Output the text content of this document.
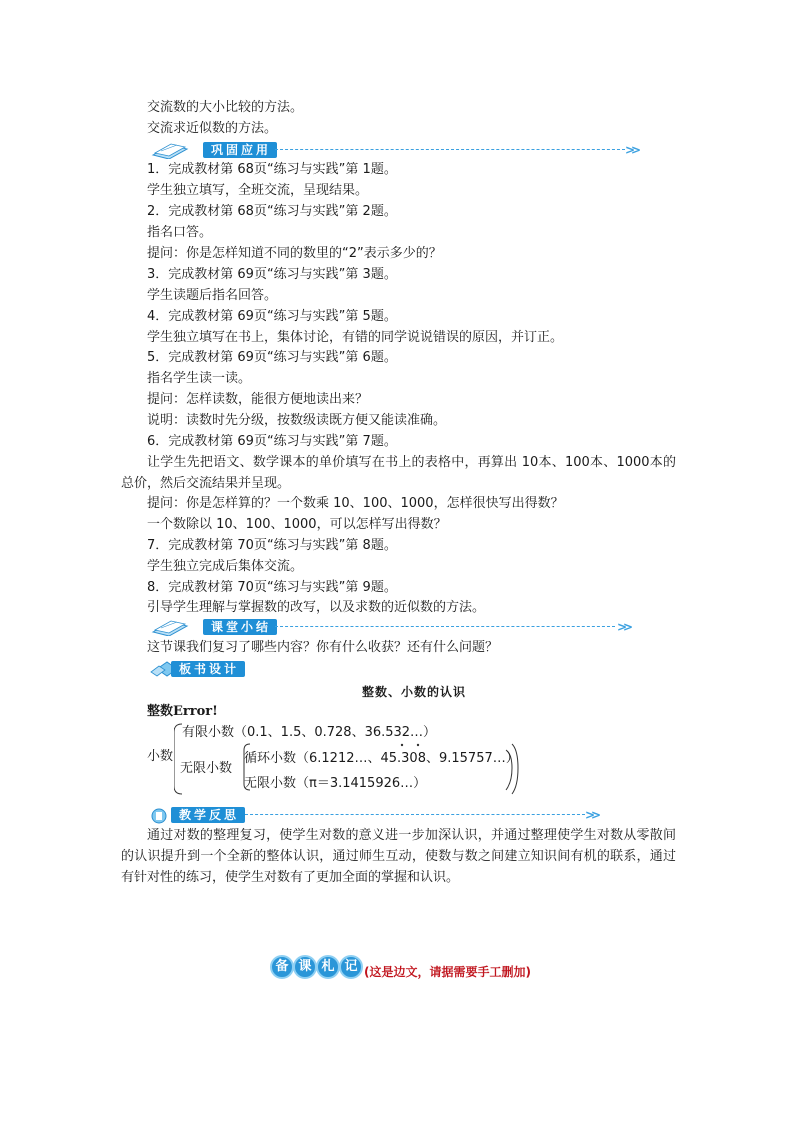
交流数的大小比较的方法。
交流求近似数的方法。
巩固应用	>>
1．完成教材第 68页“练习与实践”第 1题。
学生独立填写，全班交流，呈现结果。
2．完成教材第 68页“练习与实践”第 2题。
指名口答。
提问：你是怎样知道不同的数里的“2”表示多少的？
3．完成教材第 69页“练习与实践”第 3题。
学生读题后指名回答。
4．完成教材第 69页“练习与实践”第 5题。
学生独立填写在书上，集体讨论，有错的同学说说错误的原因，并订正。
5．完成教材第 69页“练习与实践”第 6题。
指名学生读一读。
提问：怎样读数，能很方便地读出来？
说明：读数时先分级，按数级读既方便又能读准确。
6．完成教材第 69页“练习与实践”第 7题。
让学生先把语文、数学课本的单价填写在书上的表格中，再算出 10本、100本、1000本的总价，然后交流结果并呈现。
提问：你是怎样算的？一个数乘 10、100、1000，怎样很快写出得数？
一个数除以 10、100、1000，可以怎样写出得数？
7．完成教材第 70页“练习与实践”第 8题。
学生独立完成后集体交流。
8．完成教材第 70页“练习与实践”第 9题。
引导学生理解与掌握数的改写，以及求数的近似数的方法。
课堂小结	>>
这节课我们复习了哪些内容？你有什么收获？还有什么问题？
板书设计
整数、小数的认识
整数Error!
小数
有限小数（0.1、1.5、0.728、36.532…）
无限小数
循环小数（6.1212…、45.308、9.15757…）
无限小数（π＝3.1415926…）
教学反思	>>
通过对数的整理复习，使学生对数的意义进一步加深认识，并通过整理使学生对数从零散间的认识提升到一个全新的整体认识，通过师生互动，使数与数之间建立知识间有机的联系，通过有针对性的练习，使学生对数有了更加全面的掌握和认识。
备 课 札 记 (这是边文，请据需要手工删加)
